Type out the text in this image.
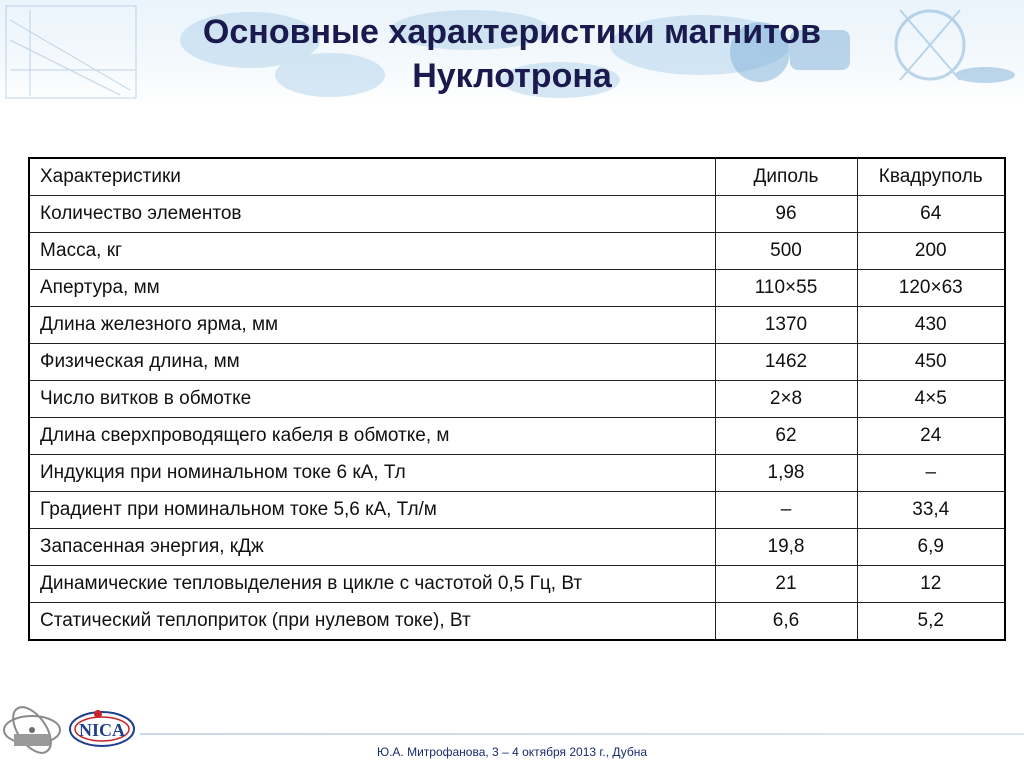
Основные характеристики магнитов
Нуклотрона
Характеристики	Диполь	Квадруполь
Количество элементов	96	64
Масса, кг	500	200
Апертура, мм	110×55	120×63
Длина железного ярма, мм	1370	430
Физическая длина, мм	1462	450
Число витков в обмотке	2×8	4×5
Длина сверхпроводящего кабеля в обмотке, м	62	24
Индукция при номинальном токе 6 кА, Тл	1,98	–
Градиент при номинальном токе 5,6 кА, Тл/м	–	33,4
Запасенная энергия, кДж	19,8	6,9
Динамические тепловыделения в цикле с частотой 0,5 Гц, Вт	21	12
Статический теплоприток (при нулевом токе), Вт	6,6	5,2
NICA
Ю.А. Митрофанова, 3 – 4 октября 2013 г., Дубна
